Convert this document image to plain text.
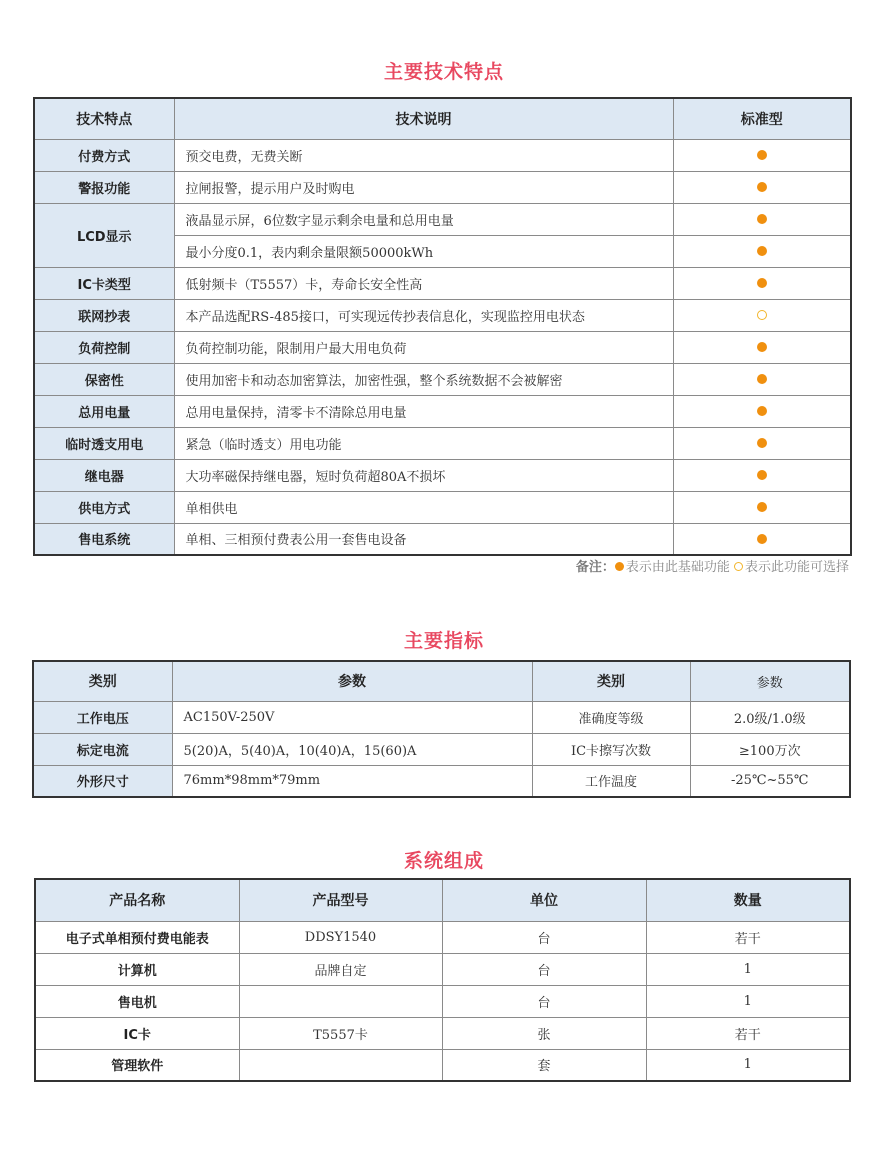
主要技术特点
技术特点	技术说明	标准型
付费方式	预交电费，无费关断	
警报功能	拉闸报警，提示用户及时购电	
LCD显示	液晶显示屏，6位数字显示剩余电量和总用电量	
	最小分度0.1，表内剩余量限额50000kWh	
IC卡类型	低射频卡（T5557）卡，寿命长安全性高	
联网抄表	本产品选配RS-485接口，可实现远传抄表信息化，实现监控用电状态	
负荷控制	负荷控制功能，限制用户最大用电负荷	
保密性	使用加密卡和动态加密算法，加密性强，整个系统数据不会被解密	
总用电量	总用电量保持，清零卡不清除总用电量	
临时透支用电	紧急（临时透支）用电功能	
继电器	大功率磁保持继电器，短时负荷超80A不损坏	
供电方式	单相供电	
售电系统	单相、三相预付费表公用一套售电设备	
备注： 表示由此基础功能 表示此功能可选择
主要指标
类别	参数	类别	参数
工作电压	AC150V-250V	准确度等级	2.0级/1.0级
标定电流	5(20)A，5(40)A，10(40)A，15(60)A	IC卡擦写次数	≥100万次
外形尺寸	76mm*98mm*79mm	工作温度	-25℃~55℃
系统组成
产品名称	产品型号	单位	数量
电子式单相预付费电能表	DDSY1540	台	若干
计算机	品牌自定	台	1
售电机		台	1
IC卡	T5557卡	张	若干
管理软件		套	1
